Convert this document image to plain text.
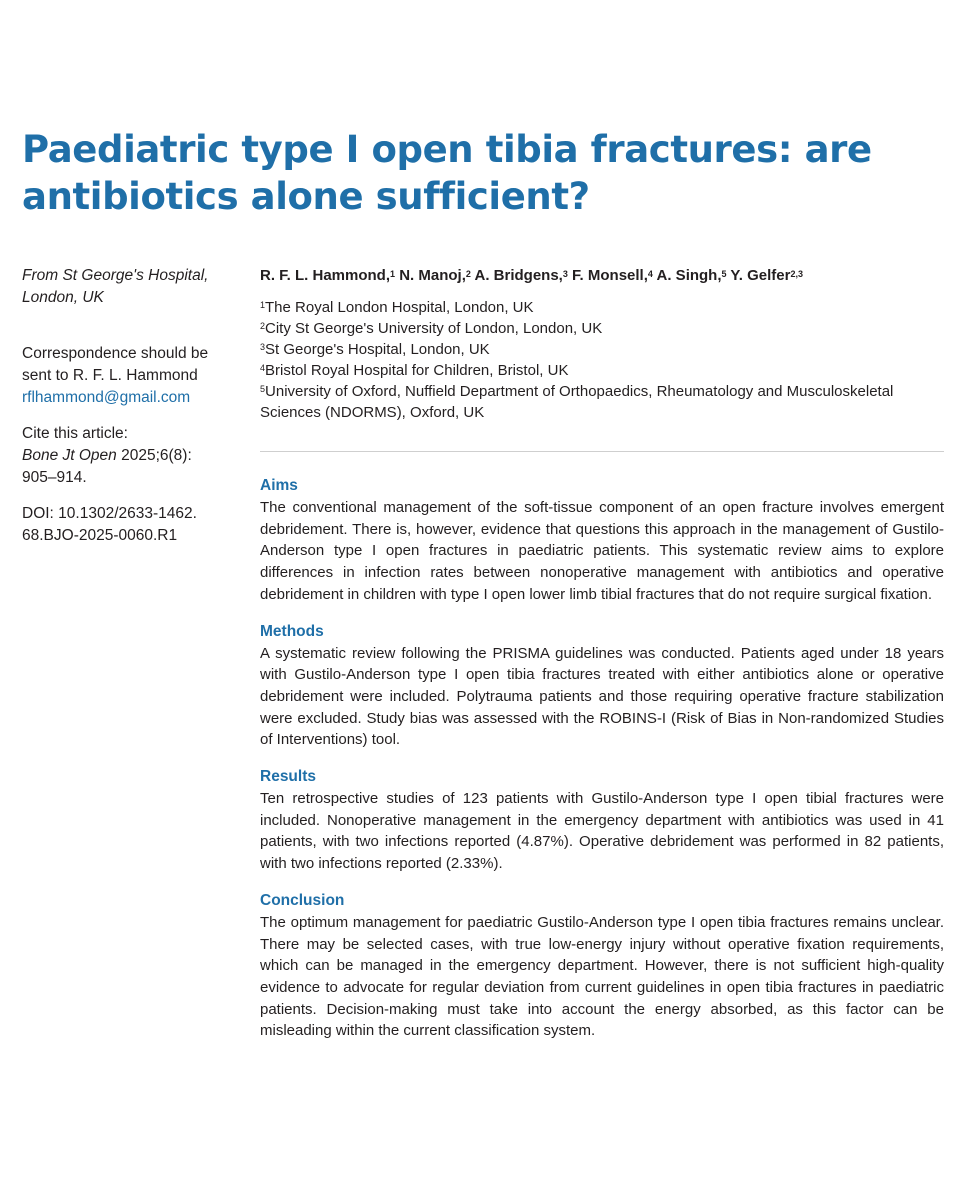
Paediatric type I open tibia fractures: are
antibiotics alone sufficient?

From St George's Hospital,
London, UK

Correspondence should be
sent to R. F. L. Hammond
rflhammond@gmail.com

Cite this article:
Bone Jt Open 2025;6(8):
905–914.

DOI: 10.1302/2633-1462.
68.BJO-2025-0060.R1

R. F. L. Hammond,$^1$ N. Manoj,$^2$ A. Bridgens,$^3$ F. Monsell,$^4$ A. Singh,$^5$ Y. Gelfer$^{2,3}$

$^1$The Royal London Hospital, London, UK
$^2$City St George's University of London, London, UK
$^3$St George's Hospital, London, UK
$^4$Bristol Royal Hospital for Children, Bristol, UK
$^5$University of Oxford, Nuffield Department of Orthopaedics, Rheumatology and Musculoskeletal Sciences (NDORMS), Oxford, UK
Aims

The conventional management of the soft-tissue component of an open fracture involves emergent debridement. There is, however, evidence that questions this approach in the management of Gustilo-Anderson type I open fractures in paediatric patients. This systematic review aims to explore differences in infection rates between nonoperative management with antibiotics and operative debridement in children with type I open lower limb tibial fractures that do not require surgical fixation.

Methods

A systematic review following the PRISMA guidelines was conducted. Patients aged under 18 years with Gustilo-Anderson type I open tibia fractures treated with either antibiotics alone or operative debridement were included. Polytrauma patients and those requiring operative fracture stabilization were excluded. Study bias was assessed with the ROBINS-I (Risk of Bias in Non-randomized Studies of Interventions) tool.

Results

Ten retrospective studies of 123 patients with Gustilo-Anderson type I open tibial fractures were included. Nonoperative management in the emergency department with antibiotics was used in 41 patients, with two infections reported (4.87%). Operative debridement was performed in 82 patients, with two infections reported (2.33%).

Conclusion

The optimum management for paediatric Gustilo-Anderson type I open tibia fractures remains unclear. There may be selected cases, with true low-energy injury without operative fixation requirements, which can be managed in the emergency department. However, there is not sufficient high-quality evidence to advocate for regular deviation from current guidelines in open tibia fractures in paediatric patients. Decision-making must take into account the energy absorbed, as this factor can be misleading within the current classification system.
